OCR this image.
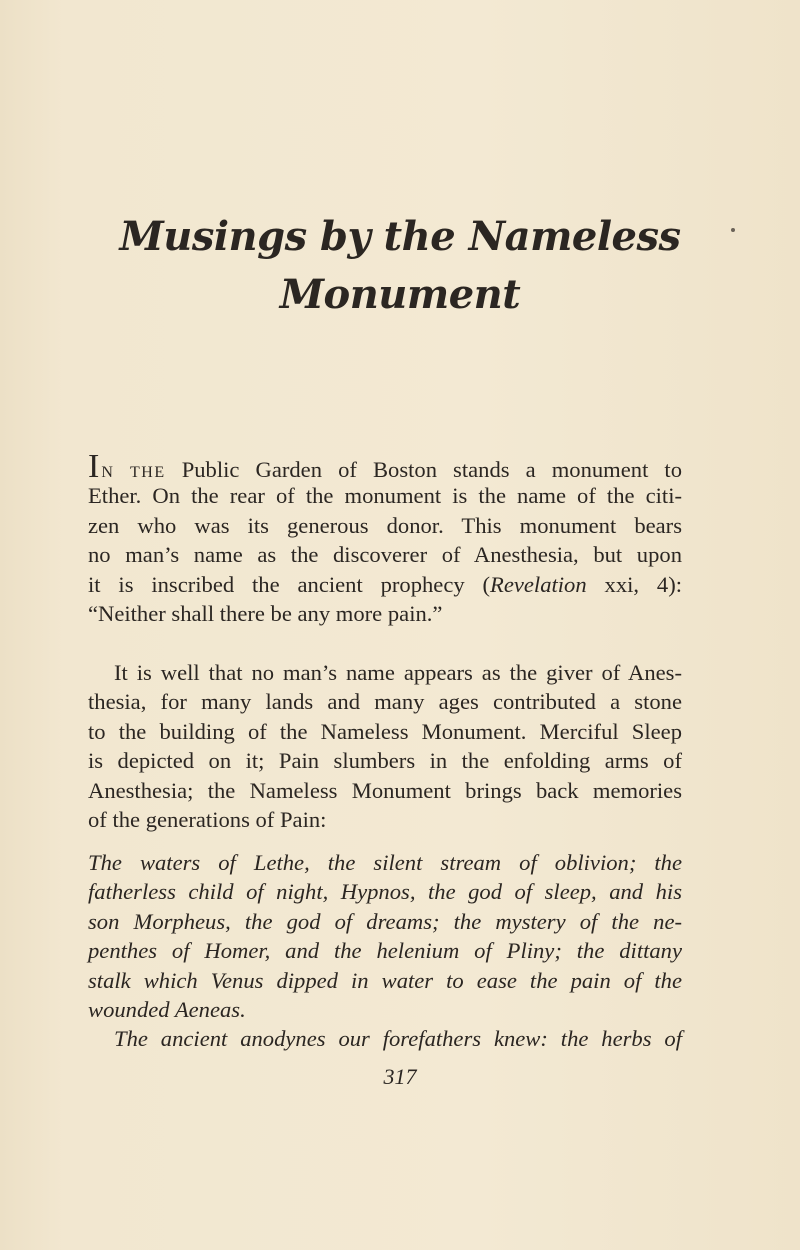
Musings by the Nameless
Monument
IN THE Public Garden of Boston stands a monument to
Ether. On the rear of the monument is the name of the citi-
zen who was its generous donor. This monument bears
no man’s name as the discoverer of Anesthesia, but upon
it is inscribed the ancient prophecy (Revelation xxi, 4):
“Neither shall there be any more pain.”
It is well that no man’s name appears as the giver of Anes-
thesia, for many lands and many ages contributed a stone
to the building of the Nameless Monument. Merciful Sleep
is depicted on it; Pain slumbers in the enfolding arms of
Anesthesia; the Nameless Monument brings back memories
of the generations of Pain:
The waters of Lethe, the silent stream of oblivion; the
fatherless child of night, Hypnos, the god of sleep, and his
son Morpheus, the god of dreams; the mystery of the ne-
penthes of Homer, and the helenium of Pliny; the dittany
stalk which Venus dipped in water to ease the pain of the
wounded Aeneas.
The ancient anodynes our forefathers knew: the herbs of
317
